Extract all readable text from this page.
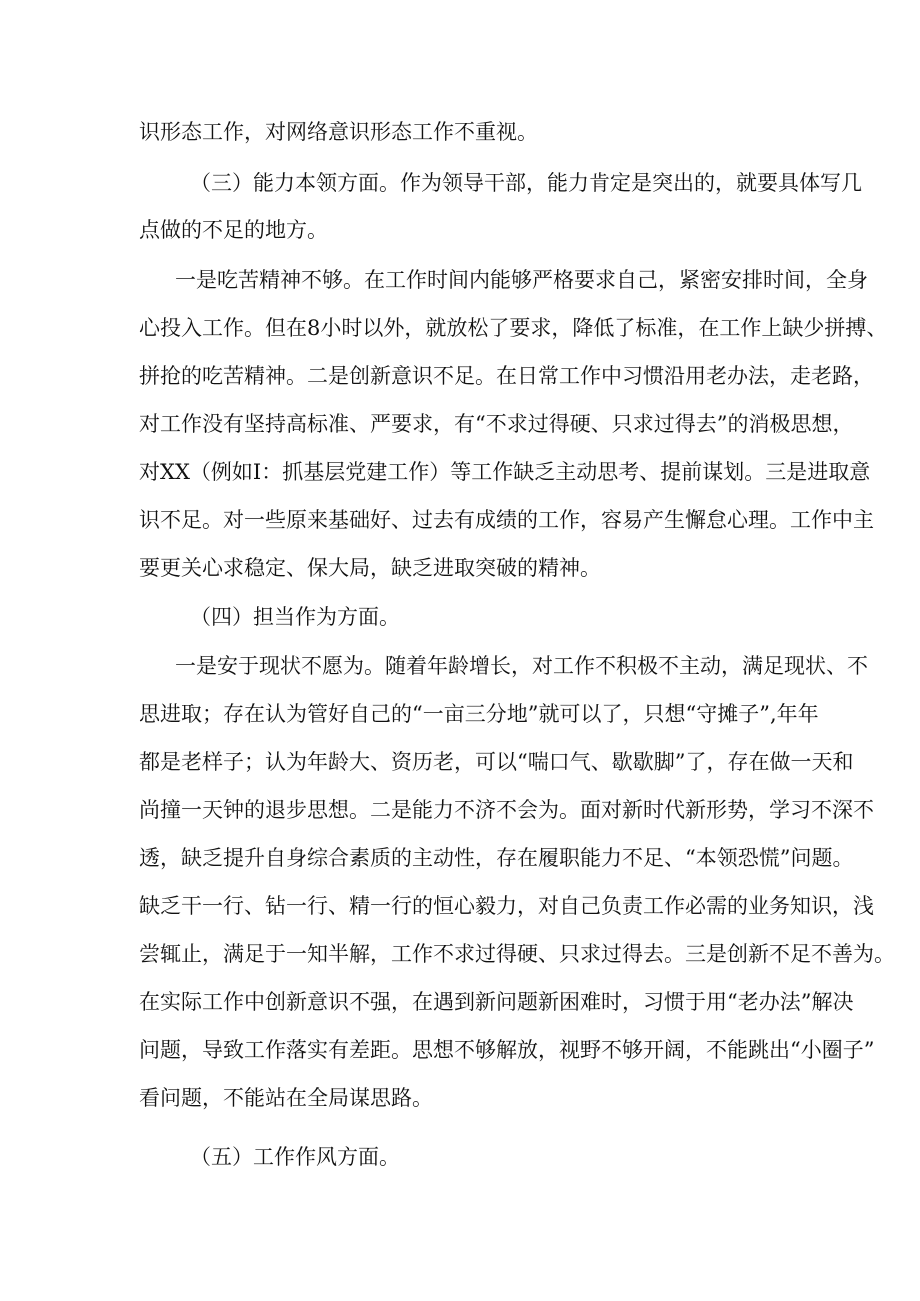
识形态工作，对网络意识形态工作不重视。
（三）能力本领方面。作为领导干部，能力肯定是突出的，就要具体写几
点做的不足的地方。
一是吃苦精神不够。在工作时间内能够严格要求自己，紧密安排时间，全身
心投入工作。但在8小时以外，就放松了要求，降低了标准，在工作上缺少拼搏、
拼抢的吃苦精神。二是创新意识不足。在日常工作中习惯沿用老办法，走老路，
对工作没有坚持高标准、严要求，有“不求过得硬、只求过得去”的消极思想，
对XX（例如I：抓基层党建工作）等工作缺乏主动思考、提前谋划。三是进取意
识不足。对一些原来基础好、过去有成绩的工作，容易产生懈怠心理。工作中主
要更关心求稳定、保大局，缺乏进取突破的精神。
（四）担当作为方面。
一是安于现状不愿为。随着年龄增长，对工作不积极不主动，满足现状、不
思进取；存在认为管好自己的“一亩三分地”就可以了，只想“守摊子”,年年
都是老样子；认为年龄大、资历老，可以“喘口气、歇歇脚”了，存在做一天和
尚撞一天钟的退步思想。二是能力不济不会为。面对新时代新形势，学习不深不
透，缺乏提升自身综合素质的主动性，存在履职能力不足、“本领恐慌”问题。
缺乏干一行、钻一行、精一行的恒心毅力，对自己负责工作必需的业务知识，浅
尝辄止，满足于一知半解，工作不求过得硬、只求过得去。三是创新不足不善为。
在实际工作中创新意识不强，在遇到新问题新困难时，习惯于用“老办法”解决
问题，导致工作落实有差距。思想不够解放，视野不够开阔，不能跳出“小圈子”
看问题，不能站在全局谋思路。
（五）工作作风方面。
